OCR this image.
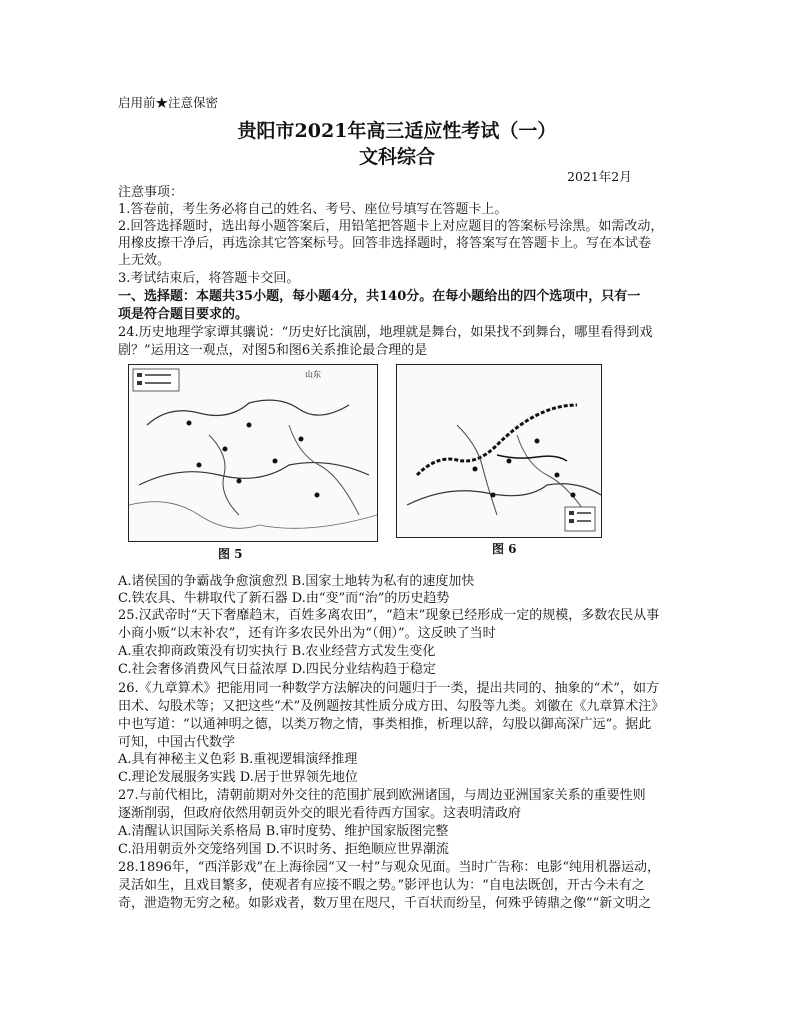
启用前★注意保密
贵阳市2021年高三适应性考试（一）
文科综合
2021年2月
注意事项：
1.答卷前，考生务必将自己的姓名、考号、座位号填写在答题卡上。
2.回答选择题时，选出每小题答案后，用铅笔把答题卡上对应题目的答案标号涂黑。如需改动，
用橡皮擦干净后，再选涂其它答案标号。回答非选择题时，将答案写在答题卡上。写在本试卷
上无效。
3.考试结束后，将答题卡交回。
一、选择题：本题共35小题，每小题4分，共140分。在每小题给出的四个选项中，只有一
项是符合题目要求的。
24.历史地理学家谭其骧说：“历史好比演剧，地理就是舞台，如果找不到舞台，哪里看得到戏
剧？”运用这一观点，对图5和图6关系推论最合理的是
山东
图 5	图 6
A.诸侯国的争霸战争愈演愈烈 B.国家土地转为私有的速度加快
C.铁农具、牛耕取代了新石器 D.由“变”而“治”的历史趋势
25.汉武帝时“天下奢靡趋末，百姓多离农田”，“趋末”现象已经形成一定的规模，多数农民从事
小商小贩“以末补农”，还有许多农民外出为“（佣）”。这反映了当时
A.重农抑商政策没有切实执行 B.农业经营方式发生变化
C.社会奢侈消费风气日益浓厚 D.四民分业结构趋于稳定
26.《九章算术》把能用同一种数学方法解决的问题归于一类，提出共同的、抽象的“术”，如方
田术、勾股术等；又把这些“术”及例题按其性质分成方田、勾股等九类。刘徽在《九章算术注》
中也写道：“以通神明之德，以类万物之情，事类相推，析理以辞，勾股以御高深广远”。据此
可知，中国古代数学
A.具有神秘主义色彩 B.重视逻辑演绎推理
C.理论发展服务实践 D.居于世界领先地位
27.与前代相比，清朝前期对外交往的范围扩展到欧洲诸国，与周边亚洲国家关系的重要性则
逐渐削弱，但政府依然用朝贡外交的眼光看待西方国家。这表明清政府
A.清醒认识国际关系格局 B.审时度势、维护国家版图完整
C.沿用朝贡外交笼络列国 D.不识时务、拒绝顺应世界潮流
28.1896年，“西洋影戏”在上海徐园“又一村”与观众见面。当时广告称：电影“纯用机器运动，
灵活如生，且戏目繁多，使观者有应接不暇之势。”影评也认为：“自电法既创，开古今未有之
奇，泄造物无穷之秘。如影戏者，数万里在咫尺，千百状而纷呈，何殊乎铸鼎之像”“新文明之
